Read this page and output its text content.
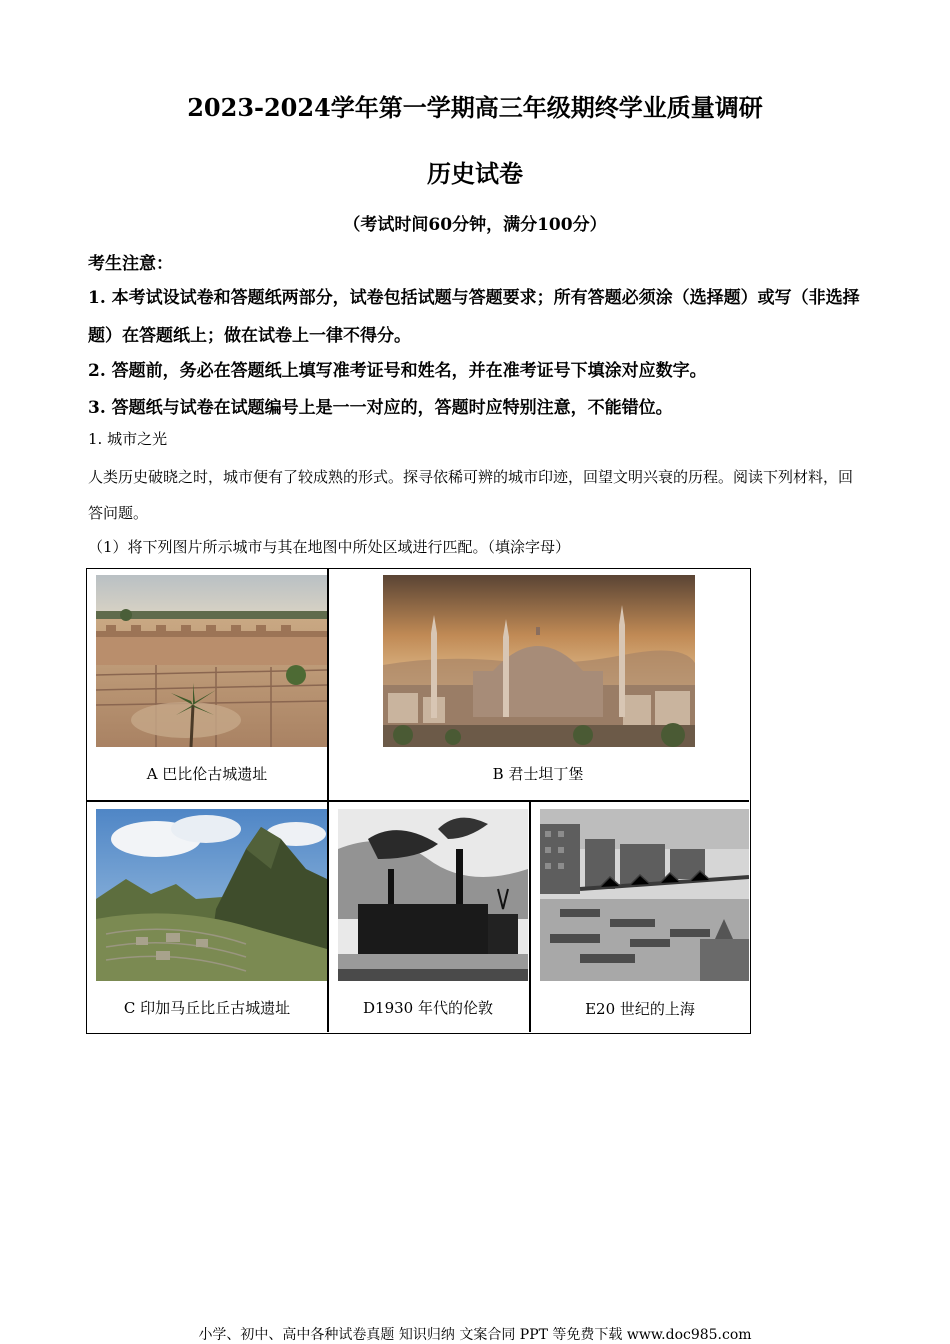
2023-2024学年第一学期高三年级期终学业质量调研
历史试卷
（考试时间60分钟，满分100分）
考生注意：
1. 本考试设试卷和答题纸两部分，试卷包括试题与答题要求；所有答题必须涂（选择题）或写（非选择题）在答题纸上；做在试卷上一律不得分。
2. 答题前，务必在答题纸上填写准考证号和姓名，并在准考证号下填涂对应数字。
3. 答题纸与试卷在试题编号上是一一对应的，答题时应特别注意，不能错位。
1. 城市之光
人类历史破晓之时，城市便有了较成熟的形式。探寻依稀可辨的城市印迹，回望文明兴衰的历程。阅读下列材料，回答问题。
（1）将下列图片所示城市与其在地图中所处区域进行匹配。（填涂字母）
A 巴比伦古城遗址	B 君士坦丁堡
C 印加马丘比丘古城遗址	D1930 年代的伦敦	E20 世纪的上海
小学、初中、高中各种试卷真题 知识归纳 文案合同 PPT 等免费下载 www.doc985.com
